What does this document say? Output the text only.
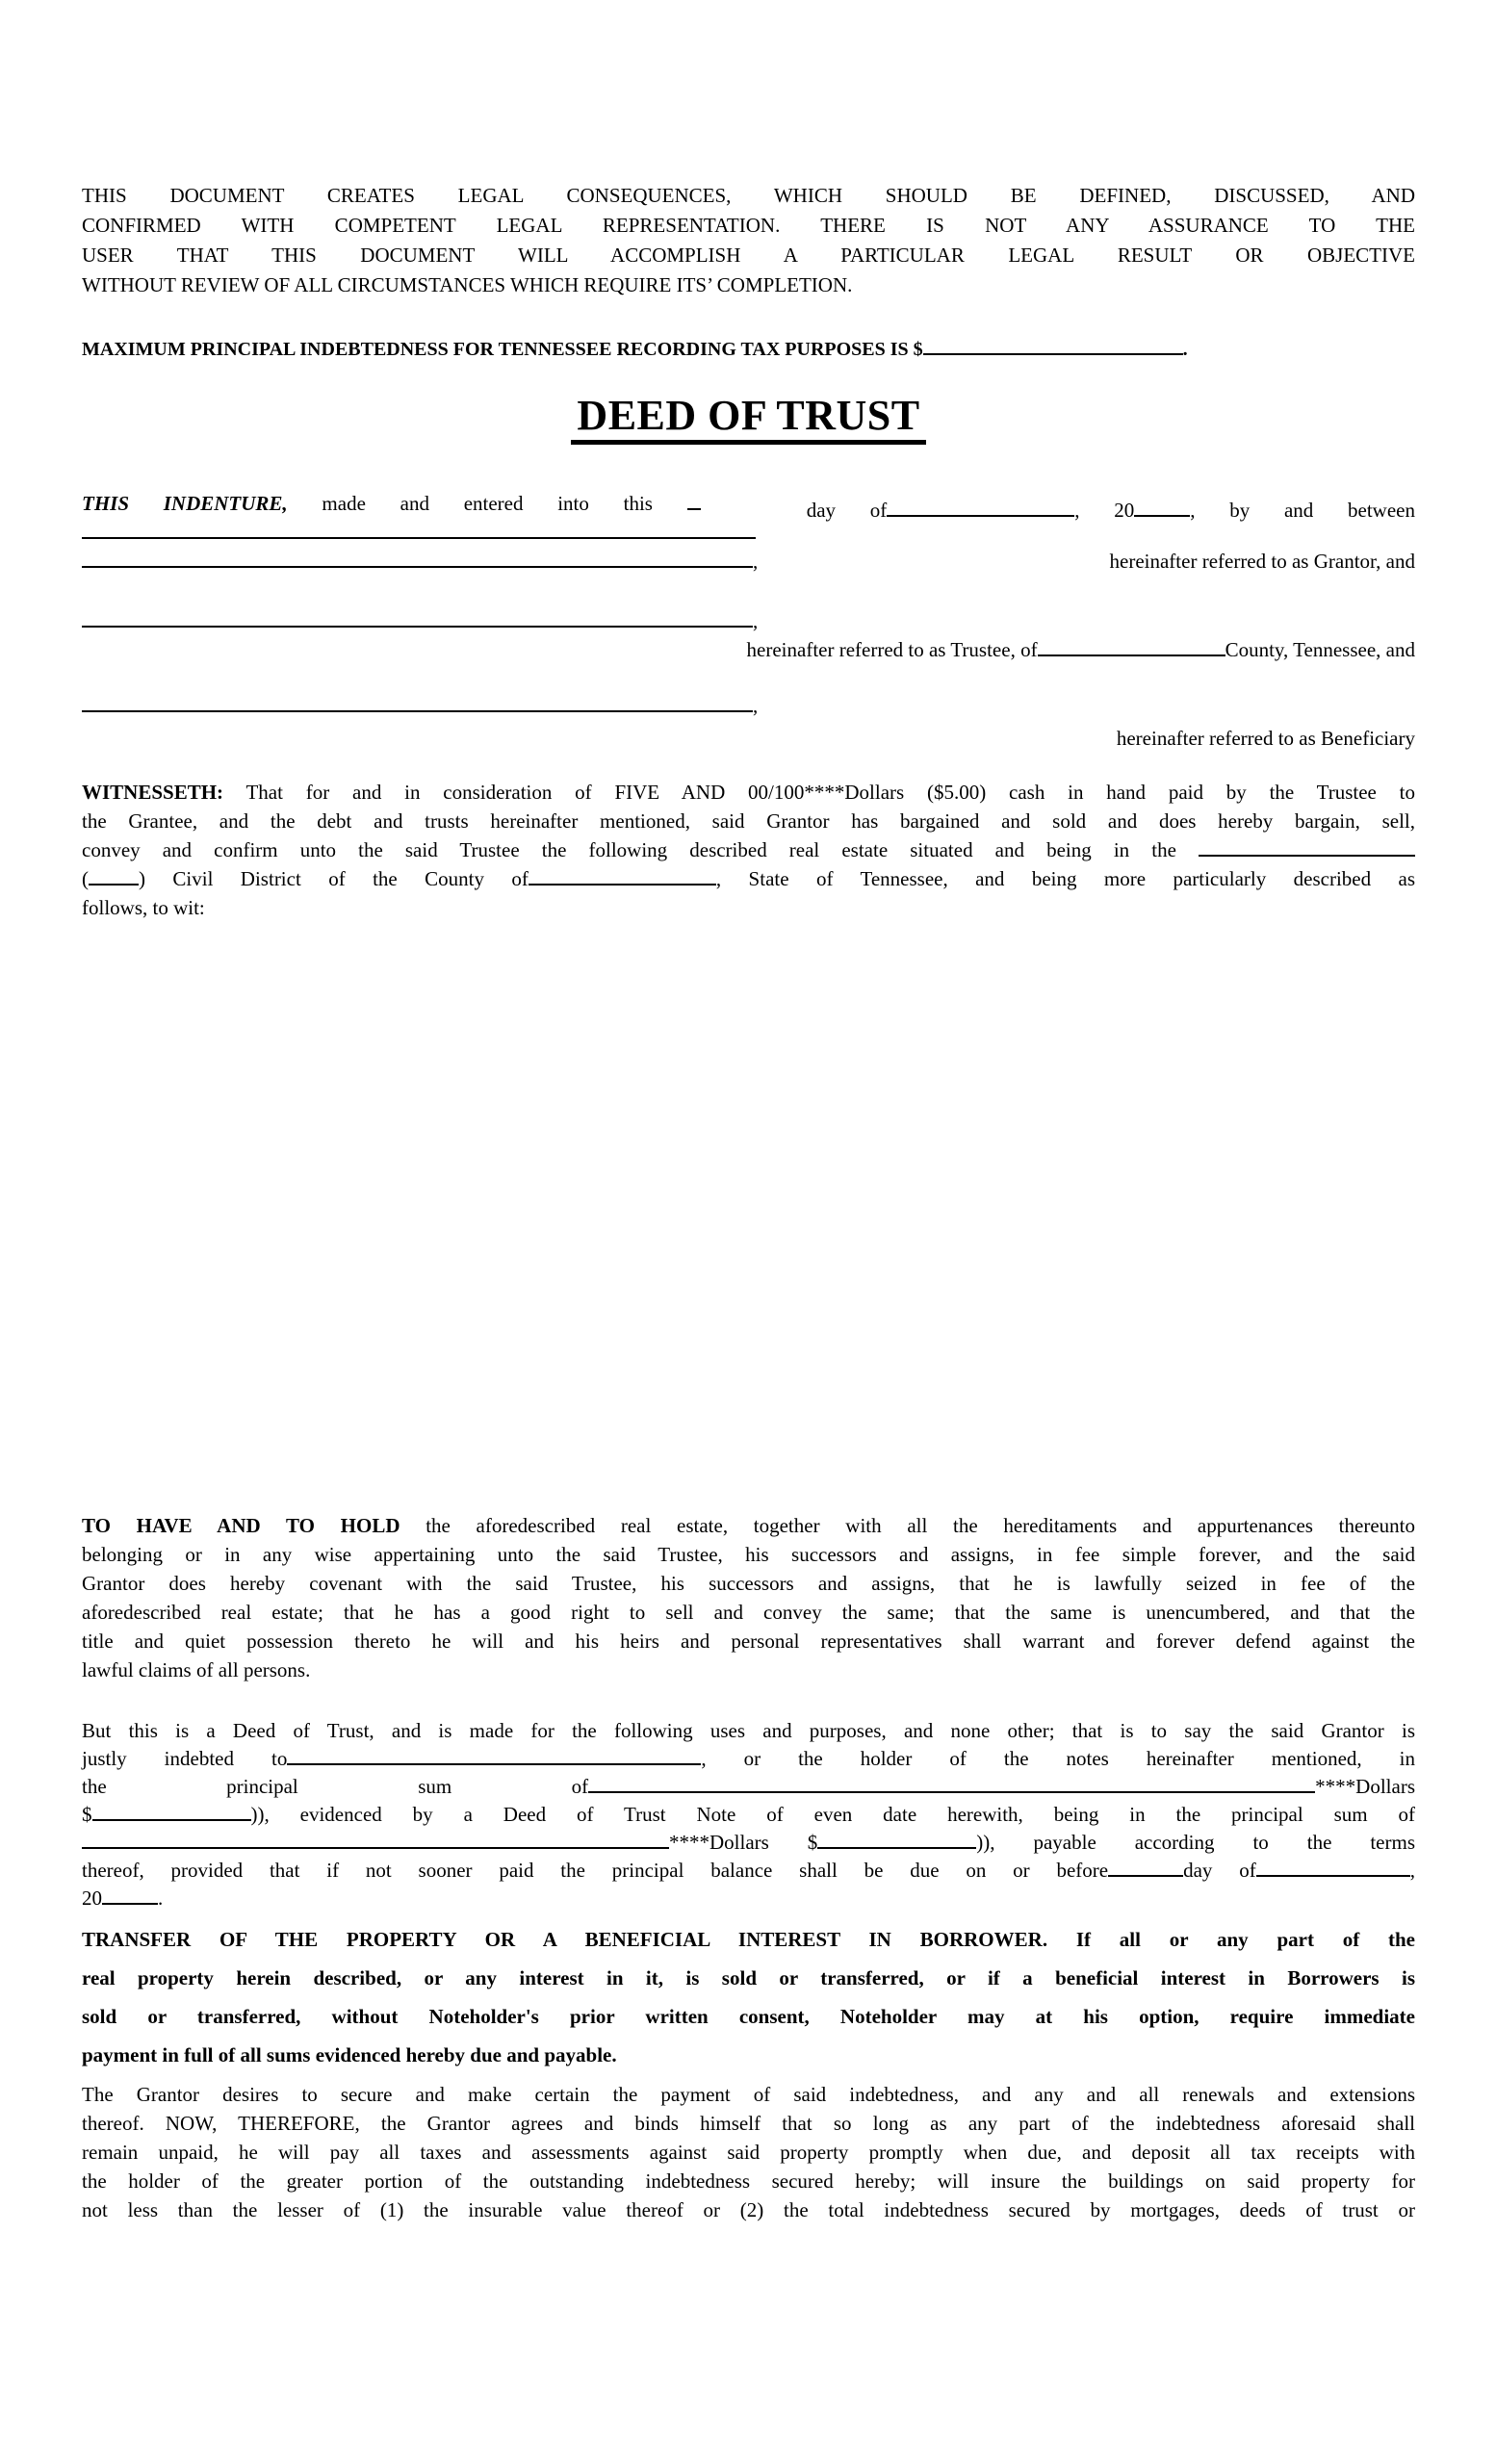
THIS DOCUMENT CREATES LEGAL CONSEQUENCES, WHICH SHOULD BE DEFINED, DISCUSSED, AND
CONFIRMED WITH COMPETENT LEGAL REPRESENTATION. THERE IS NOT ANY ASSURANCE TO THE
USER THAT THIS DOCUMENT WILL ACCOMPLISH A PARTICULAR LEGAL RESULT OR OBJECTIVE
WITHOUT REVIEW OF ALL CIRCUMSTANCES WHICH REQUIRE ITS’ COMPLETION.
MAXIMUM PRINCIPAL INDEBTEDNESS FOR TENNESSEE RECORDING TAX PURPOSES IS $	.
DEED OF TRUST
THIS INDENTURE, made and entered into this	day of	, 20	, by and between
,	hereinafter referred to as Grantor, and
,
hereinafter referred to as Trustee, of	County, Tennessee, and
,
hereinafter referred to as Beneficiary
WITNESSETH: That for and in consideration of FIVE AND 00/100****Dollars ($5.00) cash in hand paid by the Trustee to
the Grantee, and the debt and trusts hereinafter mentioned, said Grantor has bargained and sold and does hereby bargain, sell,
convey and confirm unto the said Trustee the following described real estate situated and being in the
( ) Civil District of the County of	, State of Tennessee, and being more particularly described as
follows, to wit:
TO HAVE AND TO HOLD the aforedescribed real estate, together with all the hereditaments and appurtenances thereunto
belonging or in any wise appertaining unto the said Trustee, his successors and assigns, in fee simple forever, and the said
Grantor does hereby covenant with the said Trustee, his successors and assigns, that he is lawfully seized in fee of the
aforedescribed real estate; that he has a good right to sell and convey the same; that the same is unencumbered, and that the
title and quiet possession thereto he will and his heirs and personal representatives shall warrant and forever defend against the
lawful claims of all persons.
But this is a Deed of Trust, and is made for the following uses and purposes, and none other; that is to say the said Grantor is
justly indebted to	, or the holder of the notes hereinafter mentioned, in
the principal sum of	****Dollars
$	)), evidenced by a Deed of Trust Note of even date herewith, being in the principal sum of
****Dollars $	)), payable according to the terms
thereof, provided that if not sooner paid the principal balance shall be due on or before	day of	,
20	.
TRANSFER OF THE PROPERTY OR A BENEFICIAL INTEREST IN BORROWER. If all or any part of the
real property herein described, or any interest in it, is sold or transferred, or if a beneficial interest in Borrowers is
sold or transferred, without Noteholder's prior written consent, Noteholder may at his option, require immediate
payment in full of all sums evidenced hereby due and payable.
The Grantor desires to secure and make certain the payment of said indebtedness, and any and all renewals and extensions
thereof. NOW, THEREFORE, the Grantor agrees and binds himself that so long as any part of the indebtedness aforesaid shall
remain unpaid, he will pay all taxes and assessments against said property promptly when due, and deposit all tax receipts with
the holder of the greater portion of the outstanding indebtedness secured hereby; will insure the buildings on said property for
not less than the lesser of (1) the insurable value thereof or (2) the total indebtedness secured by mortgages, deeds of trust or
